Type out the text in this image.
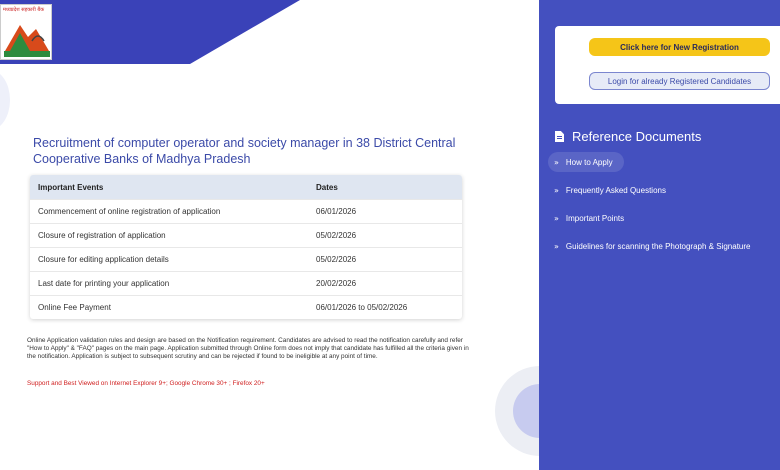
मध्यप्रदेश सहकारी बैंक
Recruitment of computer operator and society manager in 38 District Central Cooperative Banks of Madhya Pradesh
Important Events	Dates
Commencement of online registration of application	06/01/2026
Closure of registration of application	05/02/2026
Closure for editing application details	05/02/2026
Last date for printing your application	20/02/2026
Online Fee Payment	06/01/2026 to 05/02/2026

Online Application validation rules and design are based on the Notification requirement. Candidates are advised to read the notification carefully and refer "How to Apply" & "FAQ" pages on the main page. Application submitted through Online form does not imply that candidate has fulfilled all the criteria given in the notification. Application is subject to subsequent scrutiny and can be rejected if found to be ineligible at any point of time.

Support and Best Viewed on Internet Explorer 9+; Google Chrome 30+ ; Firefox 20+

Click here for New Registration
Login for already Registered Candidates
Reference Documents
» How to Apply
» Frequently Asked Questions
» Important Points
» Guidelines for scanning the Photograph & Signature
